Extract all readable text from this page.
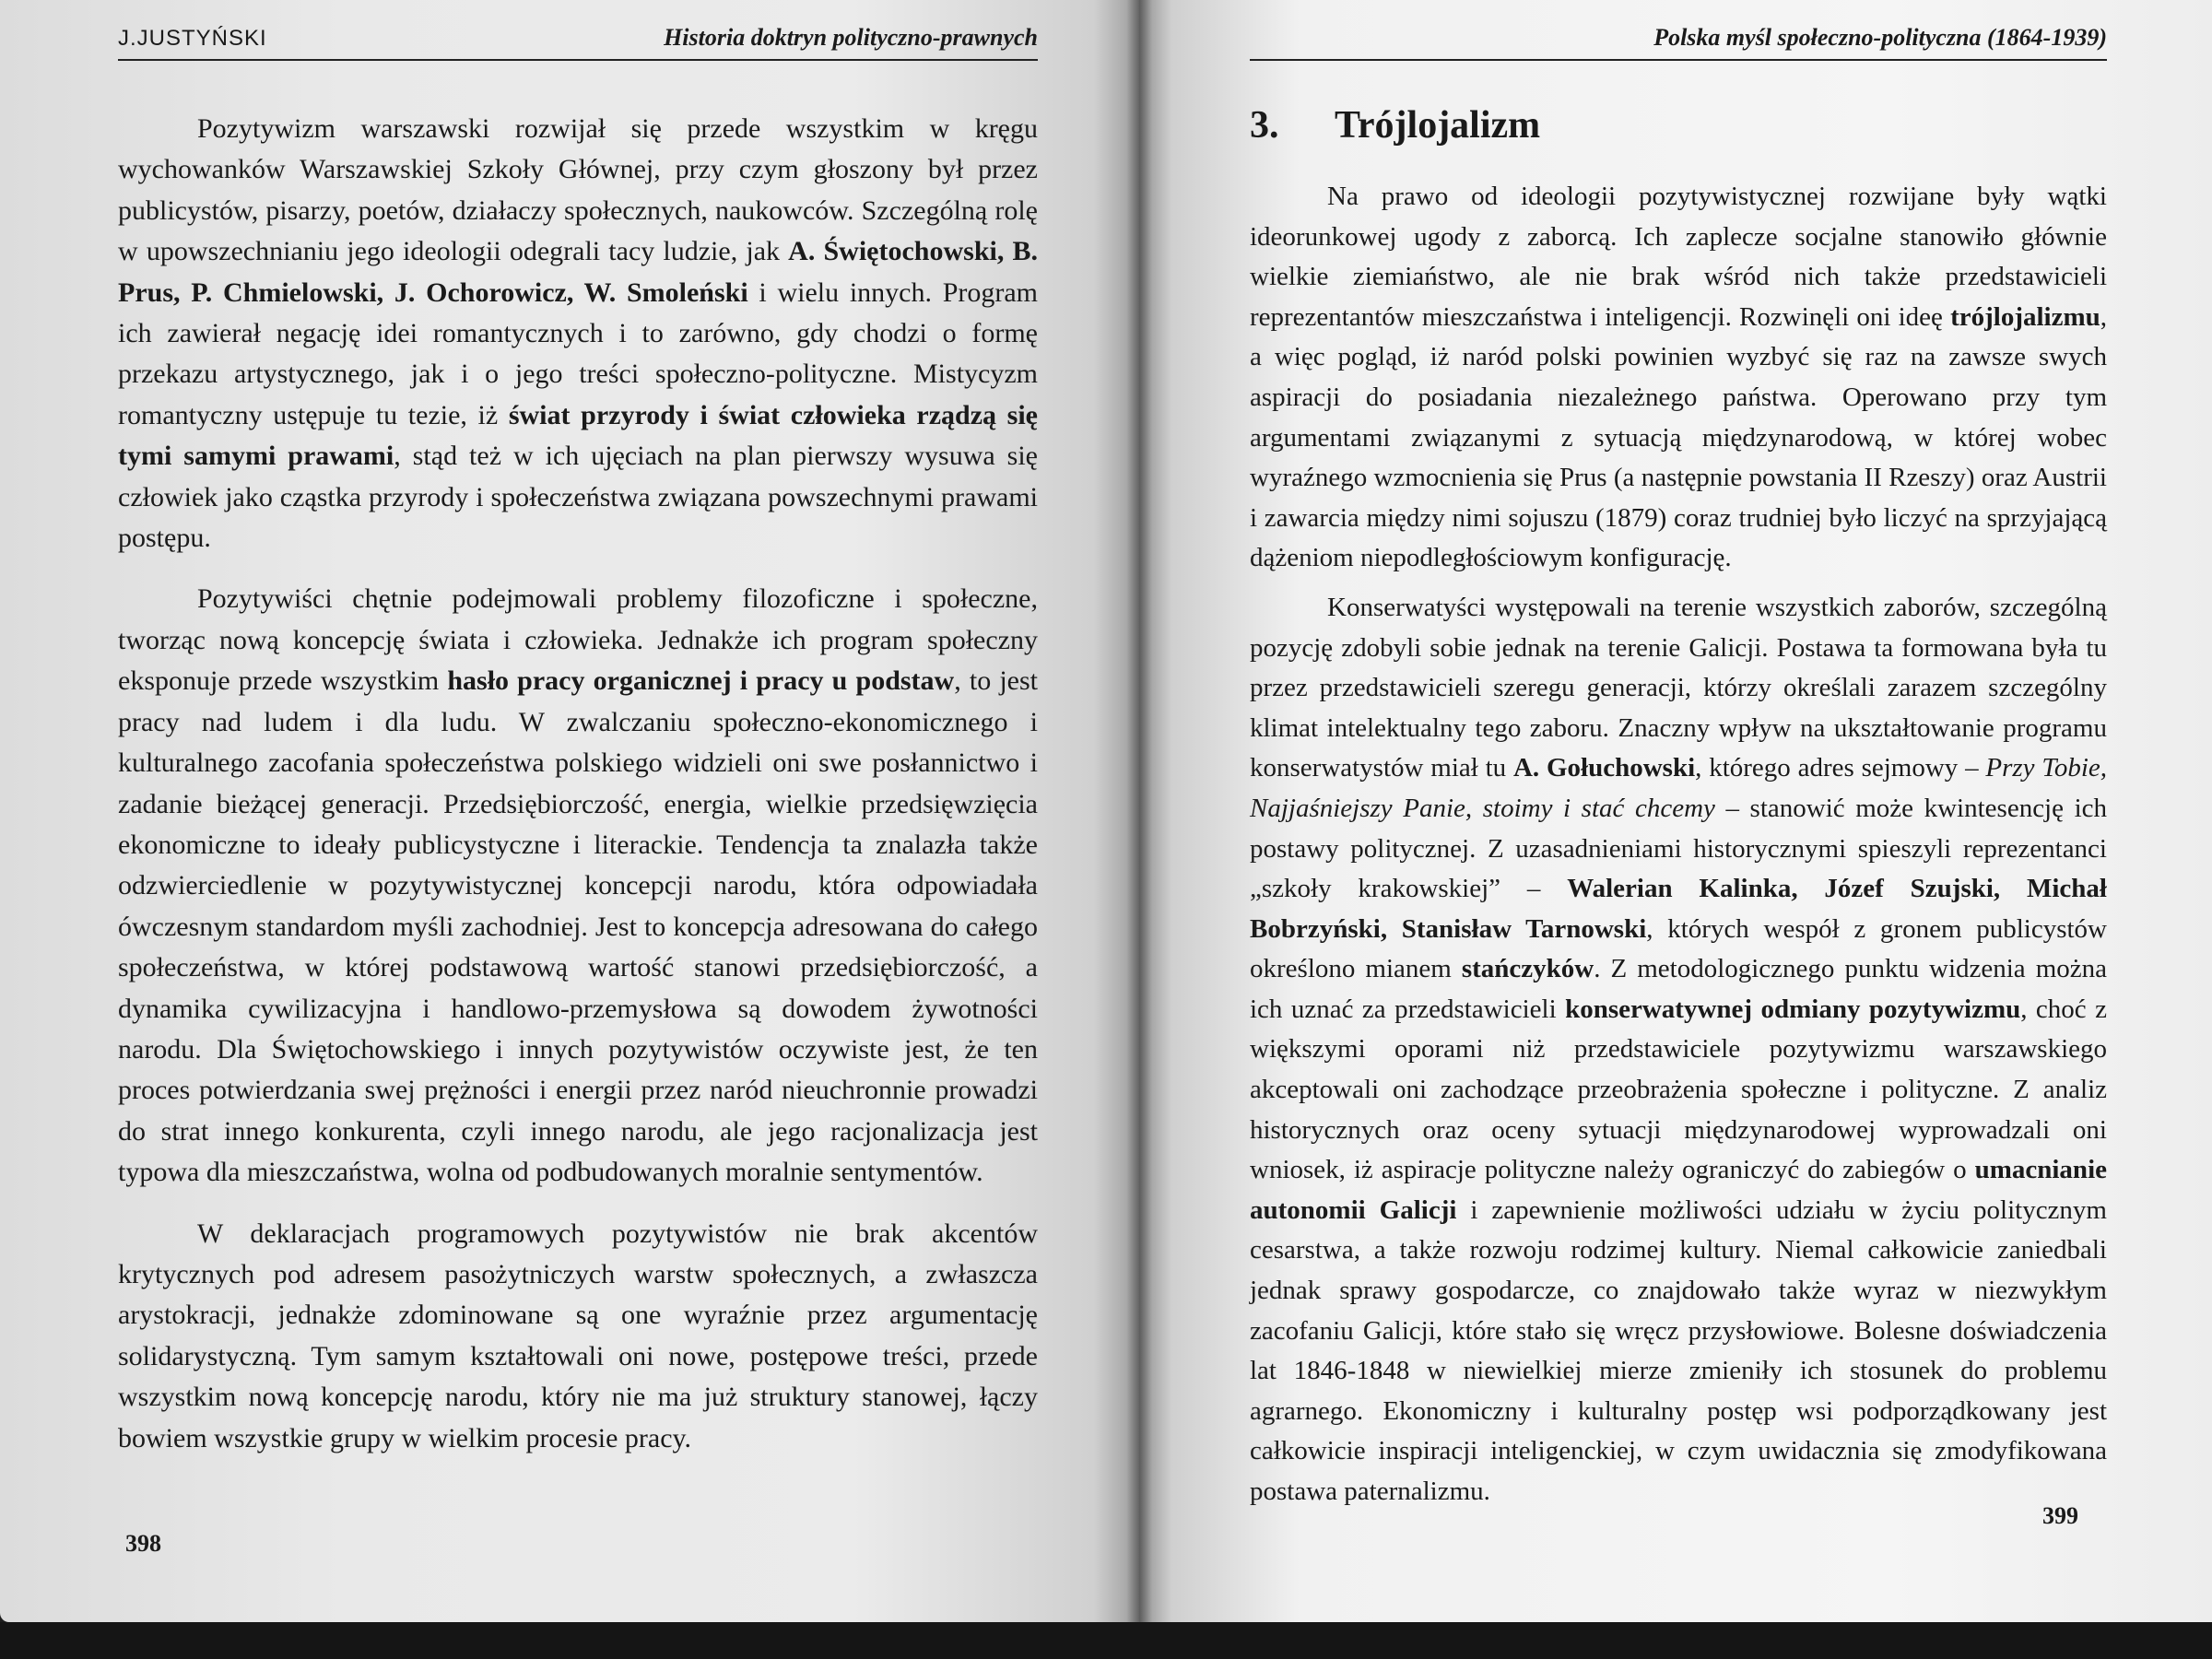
J.JUSTYŃSKI	Historia doktryn polityczno-prawnych

Pozytywizm warszawski rozwijał się przede wszystkim w kręgu wychowanków Warszawskiej Szkoły Głównej, przy czym głoszony był przez publicystów, pisarzy, poetów, działaczy społecznych, naukowców. Szczególną rolę w upowszechnianiu jego ideologii odegrali tacy ludzie, jak A. Świętochowski, B. Prus, P. Chmielowski, J. Ochorowicz, W. Smoleński i wielu innych. Program ich zawierał negację idei romantycznych i to zarówno, gdy chodzi o formę przekazu artystycznego, jak i o jego treści społeczno-polityczne. Mistycyzm romantyczny ustępuje tu tezie, iż świat przyrody i świat człowieka rządzą się tymi samymi prawami, stąd też w ich ujęciach na plan pierwszy wysuwa się człowiek jako cząstka przyrody i społeczeństwa związana powszechnymi prawami postępu.

Pozytywiści chętnie podejmowali problemy filozoficzne i społeczne, tworząc nową koncepcję świata i człowieka. Jednakże ich program społeczny eksponuje przede wszystkim hasło pracy organicznej i pracy u podstaw, to jest pracy nad ludem i dla ludu. W zwalczaniu społeczno-ekonomicznego i kulturalnego zacofania społeczeństwa polskiego widzieli oni swe posłannictwo i zadanie bieżącej generacji. Przedsiębiorczość, energia, wielkie przedsięwzięcia ekonomiczne to ideały publicystyczne i literackie. Tendencja ta znalazła także odzwierciedlenie w pozytywistycznej koncepcji narodu, która odpowiadała ówczesnym standardom myśli zachodniej. Jest to koncepcja adresowana do całego społeczeństwa, w której podstawową wartość stanowi przedsiębiorczość, a dynamika cywilizacyjna i handlowo-przemysłowa są dowodem żywotności narodu. Dla Świętochowskiego i innych pozytywistów oczywiste jest, że ten proces potwierdzania swej prężności i energii przez naród nieuchronnie prowadzi do strat innego konkurenta, czyli innego narodu, ale jego racjonalizacja jest typowa dla mieszczaństwa, wolna od podbudowanych moralnie sentymentów.

W deklaracjach programowych pozytywistów nie brak akcentów krytycznych pod adresem pasożytniczych warstw społecznych, a zwłaszcza arystokracji, jednakże zdominowane są one wyraźnie przez argumentację solidarystyczną. Tym samym kształtowali oni nowe, postępowe treści, przede wszystkim nową koncepcję narodu, który nie ma już struktury stanowej, łączy bowiem wszystkie grupy w wielkim procesie pracy.

398
Polska myśl społeczno-polityczna (1864-1939)
3. Trójlojalizm

Na prawo od ideologii pozytywistycznej rozwijane były wątki ideorunkowej ugody z zaborcą. Ich zaplecze socjalne stanowiło głównie wielkie ziemiaństwo, ale nie brak wśród nich także przedstawicieli reprezentantów mieszczaństwa i inteligencji. Rozwinęli oni ideę trójlojalizmu, a więc pogląd, iż naród polski powinien wyzbyć się raz na zawsze swych aspiracji do posiadania niezależnego państwa. Operowano przy tym argumentami związanymi z sytuacją międzynarodową, w której wobec wyraźnego wzmocnienia się Prus (a następnie powstania II Rzeszy) oraz Austrii i zawarcia między nimi sojuszu (1879) coraz trudniej było liczyć na sprzyjającą dążeniom niepodległościowym konfigurację.

Konserwatyści występowali na terenie wszystkich zaborów, szczególną pozycję zdobyli sobie jednak na terenie Galicji. Postawa ta formowana była tu przez przedstawicieli szeregu generacji, którzy określali zarazem szczególny klimat intelektualny tego zaboru. Znaczny wpływ na ukształtowanie programu konserwatystów miał tu A. Gołuchowski, którego adres sejmowy – Przy Tobie, Najjaśniejszy Panie, stoimy i stać chcemy – stanowić może kwintesencję ich postawy politycznej. Z uzasadnieniami historycznymi spieszyli reprezentanci „szkoły krakowskiej” – Walerian Kalinka, Józef Szujski, Michał Bobrzyński, Stanisław Tarnowski, których wespół z gronem publicystów określono mianem stańczyków. Z metodologicznego punktu widzenia można ich uznać za przedstawicieli konserwatywnej odmiany pozytywizmu, choć z większymi oporami niż przedstawiciele pozytywizmu warszawskiego akceptowali oni zachodzące przeobrażenia społeczne i polityczne. Z analiz historycznych oraz oceny sytuacji międzynarodowej wyprowadzali oni wniosek, iż aspiracje polityczne należy ograniczyć do zabiegów o umacnianie autonomii Galicji i zapewnienie możliwości udziału w życiu politycznym cesarstwa, a także rozwoju rodzimej kultury. Niemal całkowicie zaniedbali jednak sprawy gospodarcze, co znajdowało także wyraz w niezwykłym zacofaniu Galicji, które stało się wręcz przysłowiowe. Bolesne doświadczenia lat 1846-1848 w niewielkiej mierze zmieniły ich stosunek do problemu agrarnego. Ekonomiczny i kulturalny postęp wsi podporządkowany jest całkowicie inspiracji inteligenckiej, w czym uwidacznia się zmodyfikowana postawa paternalizmu.

399
